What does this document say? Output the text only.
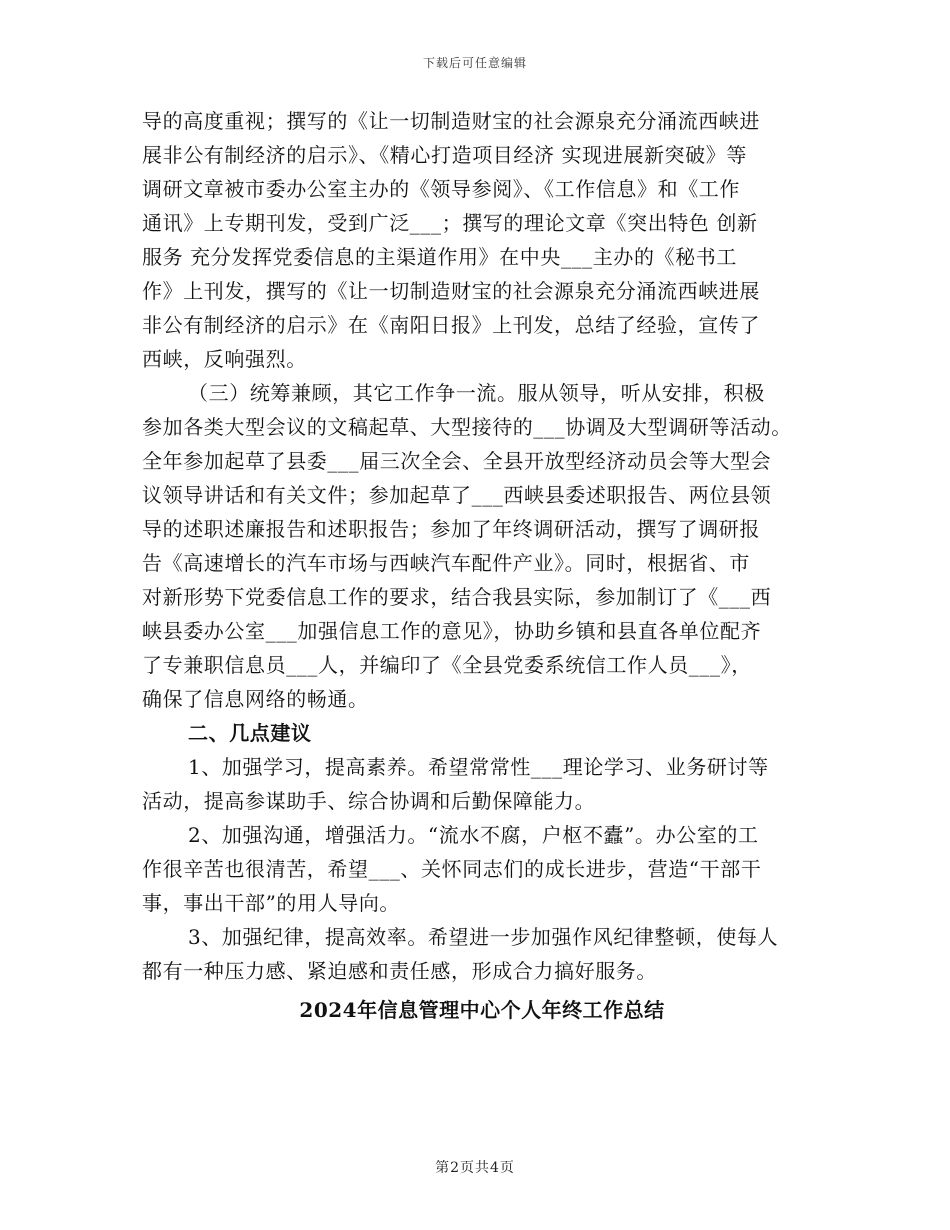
下载后可任意编辑
导的高度重视；撰写的《让一切制造财宝的社会源泉充分涌流西峡进
展非公有制经济的启示》、《精心打造项目经济 实现进展新突破》等
调研文章被市委办公室主办的《领导参阅》、《工作信息》和《工作
通讯》上专期刊发，受到广泛___；撰写的理论文章《突出特色 创新
服务 充分发挥党委信息的主渠道作用》在中央___主办的《秘书工
作》上刊发，撰写的《让一切制造财宝的社会源泉充分涌流西峡进展
非公有制经济的启示》在《南阳日报》上刊发，总结了经验，宣传了
西峡，反响强烈。
（三）统筹兼顾，其它工作争一流。服从领导，听从安排，积极
参加各类大型会议的文稿起草、大型接待的___协调及大型调研等活动。
全年参加起草了县委___届三次全会、全县开放型经济动员会等大型会
议领导讲话和有关文件；参加起草了___西峡县委述职报告、两位县领
导的述职述廉报告和述职报告；参加了年终调研活动，撰写了调研报
告《高速增长的汽车市场与西峡汽车配件产业》。同时，根据省、市
对新形势下党委信息工作的要求，结合我县实际，参加制订了《___西
峡县委办公室___加强信息工作的意见》，协助乡镇和县直各单位配齐
了专兼职信息员___人，并编印了《全县党委系统信工作人员___》，
确保了信息网络的畅通。
二、几点建议
1、加强学习，提高素养。希望常常性___理论学习、业务研讨等
活动，提高参谋助手、综合协调和后勤保障能力。
2、加强沟通，增强活力。“流水不腐，户枢不蠹”。办公室的工
作很辛苦也很清苦，希望___、关怀同志们的成长进步，营造“干部干
事，事出干部”的用人导向。
3、加强纪律，提高效率。希望进一步加强作风纪律整顿，使每人
都有一种压力感、紧迫感和责任感，形成合力搞好服务。
2024年信息管理中心个人年终工作总结
第2页共4页
